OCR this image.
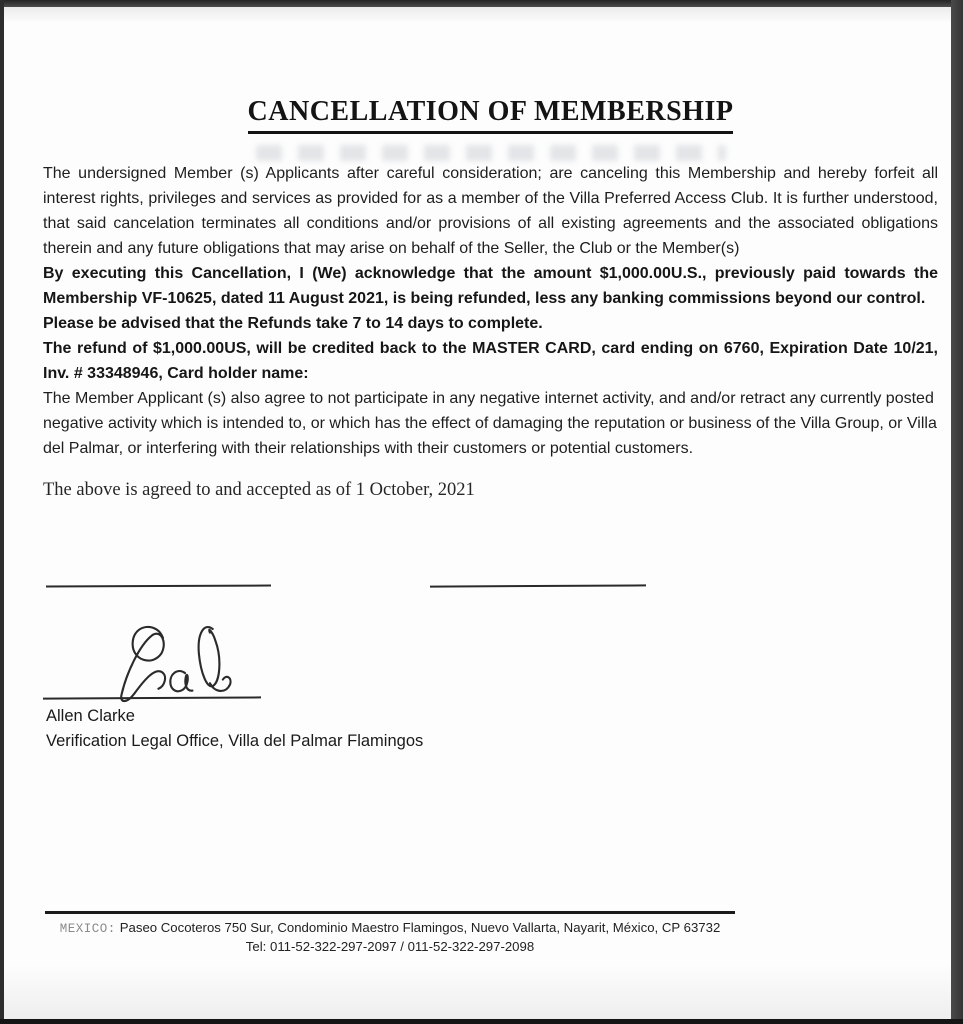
CANCELLATION OF MEMBERSHIP

The undersigned Member (s) Applicants after careful consideration; are canceling this Membership and hereby forfeit all interest rights, privileges and services as provided for as a member of the Villa Preferred Access Club. It is further understood, that said cancelation terminates all conditions and/or provisions of all existing agreements and the associated obligations therein and any future obligations that may arise on behalf of the Seller, the Club or the Member(s)

By executing this Cancellation, I (We) acknowledge that the amount $1,000.00U.S., previously paid towards the Membership VF-10625, dated 11 August 2021, is being refunded, less any banking commissions beyond our control.

Please be advised that the Refunds take 7 to 14 days to complete.

The refund of $1,000.00US, will be credited back to the MASTER CARD, card ending on 6760, Expiration Date 10/21, Inv. # 33348946, Card holder name:

The Member Applicant (s) also agree to not participate in any negative internet activity, and and/or retract any currently posted negative activity which is intended to, or which has the effect of damaging the reputation or business of the Villa Group, or Villa del Palmar, or interfering with their relationships with their customers or potential customers.

The above is agreed to and accepted as of 1 October, 2021

Allen Clarke
Verification Legal Office, Villa del Palmar Flamingos
MEXICO: Paseo Cocoteros 750 Sur, Condominio Maestro Flamingos, Nuevo Vallarta, Nayarit, México, CP 63732
Tel: 011-52-322-297-2097 / 011-52-322-297-2098
